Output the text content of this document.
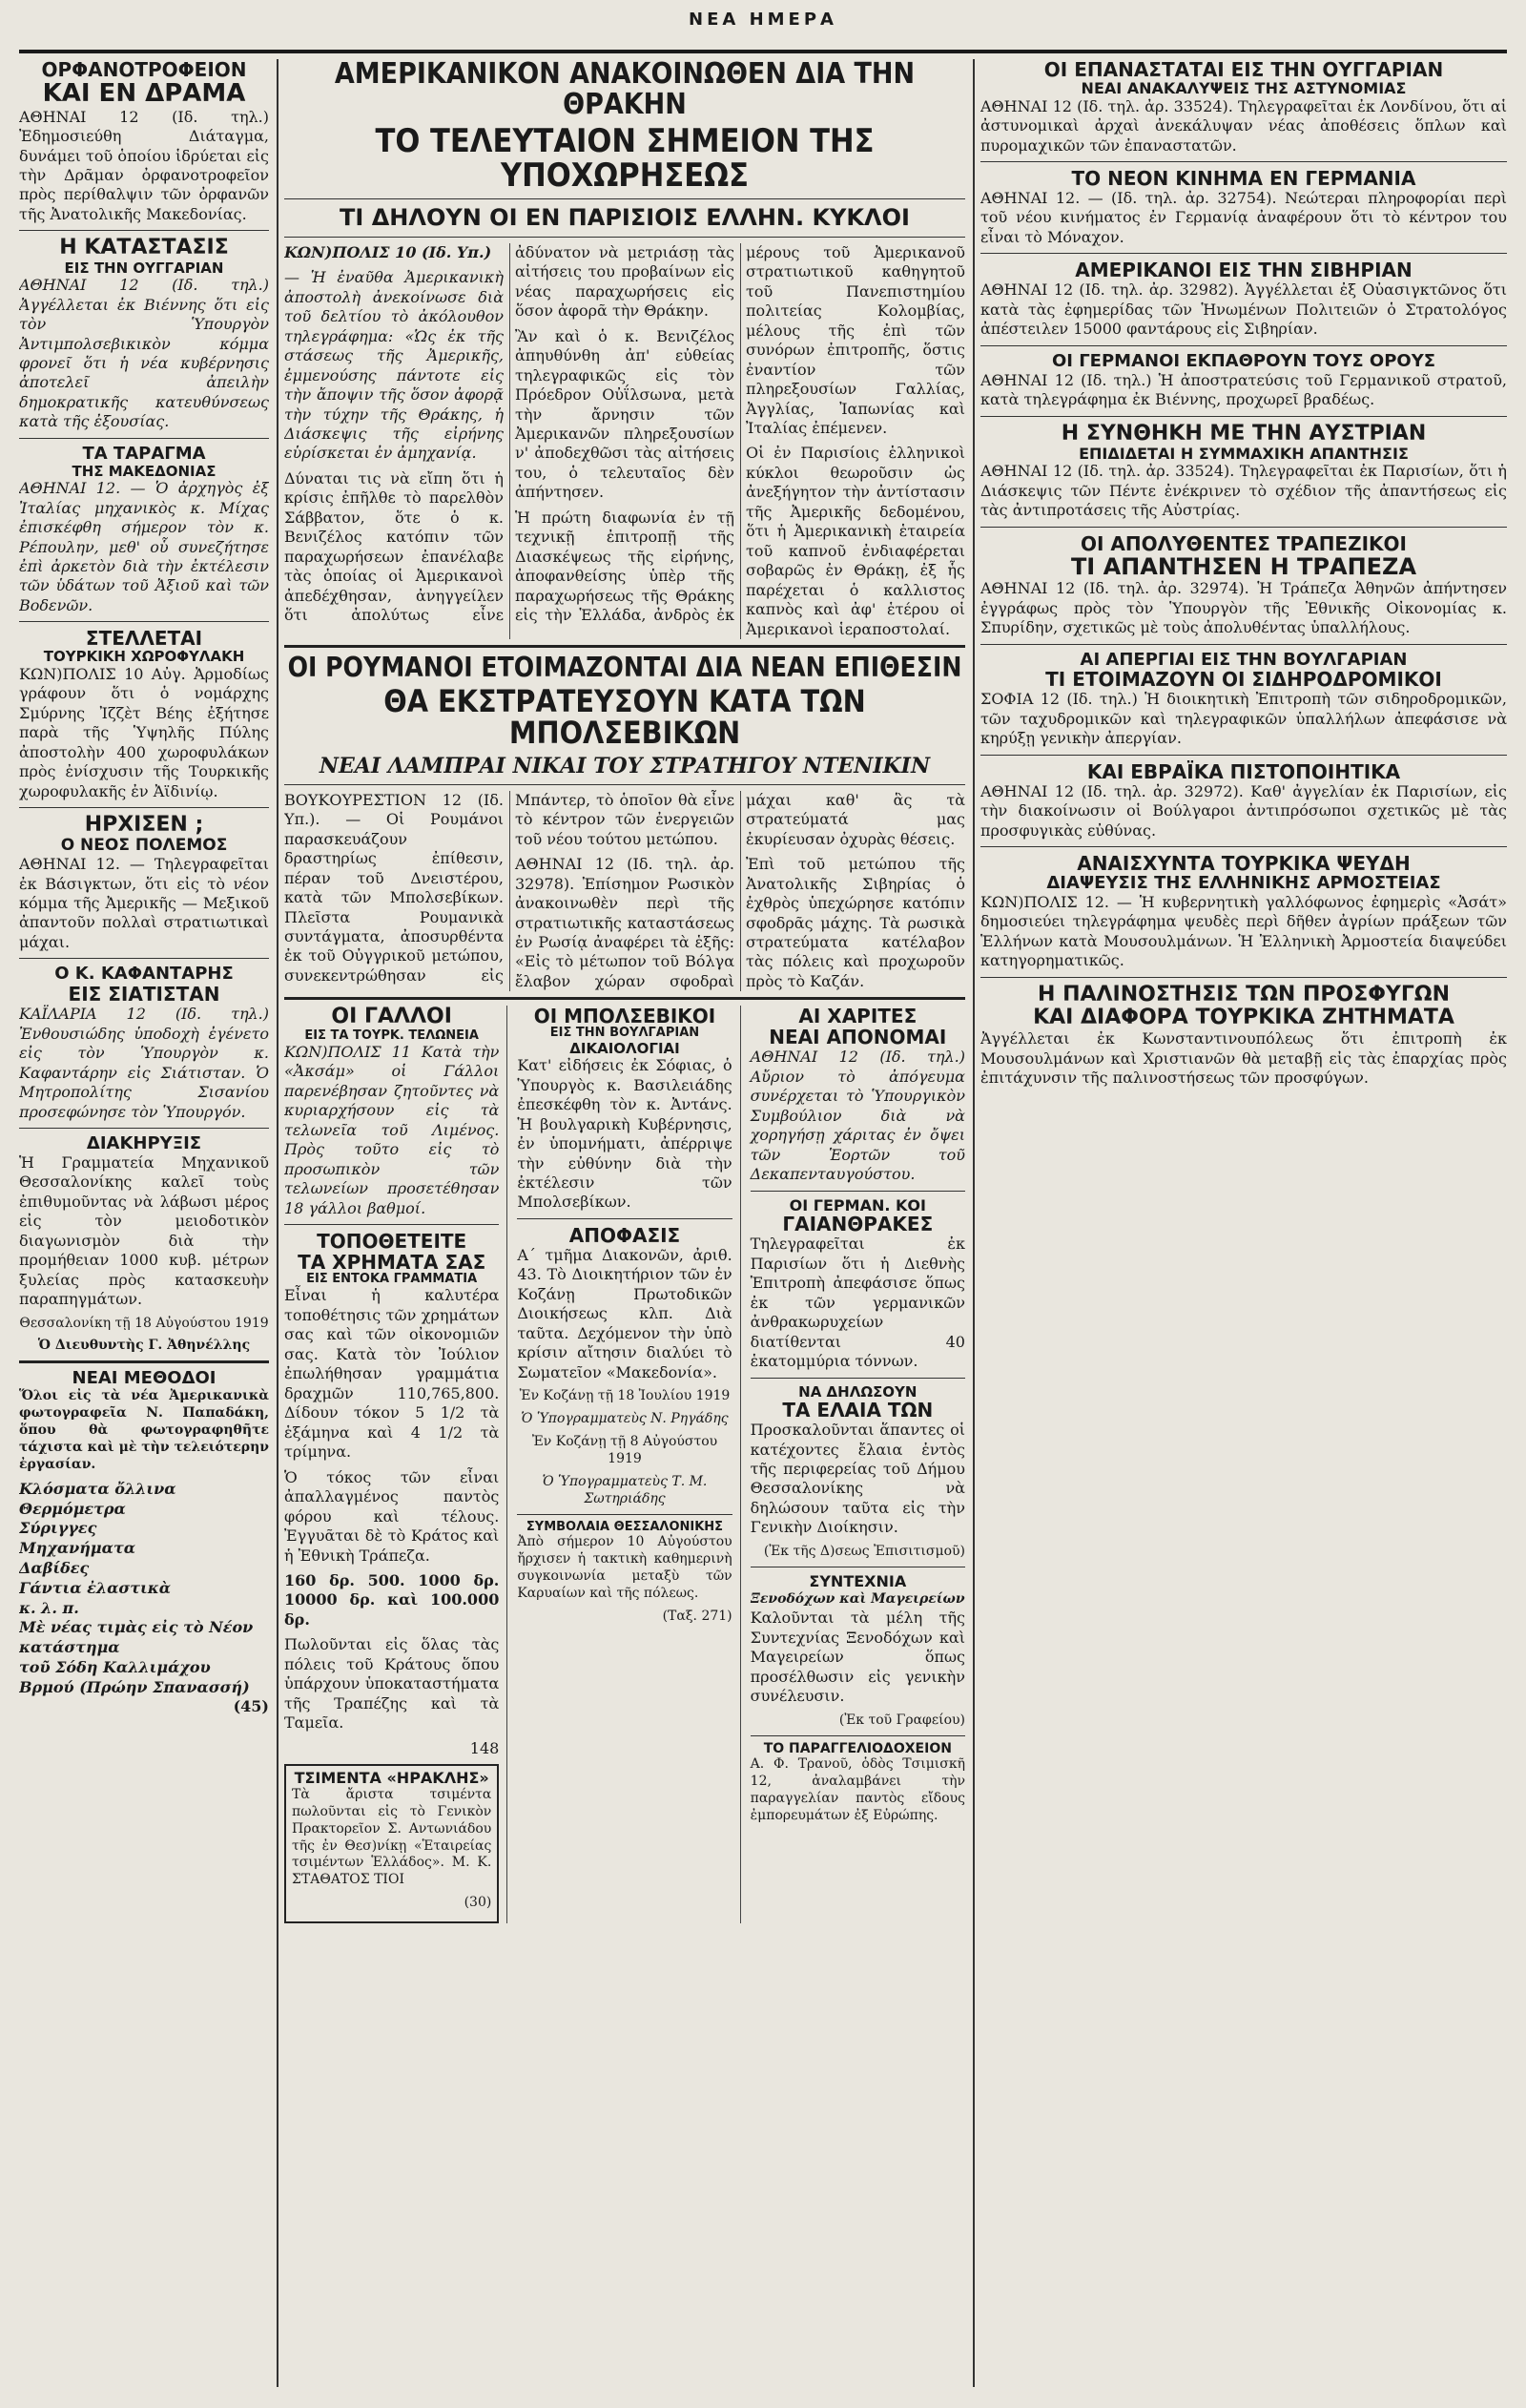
ΝΕΑ ΗΜΕΡΑ
ΟΡΦΑΝΟΤΡΟΦΕΙΟΝ
ΚΑΙ ΕΝ ΔΡΑΜΑ

ΑΘΗΝΑΙ 12 (Ιδ. τηλ.) Ἐδημοσιεύθη Διάταγμα, δυνάμει τοῦ ὁποίου ἱδρύεται εἰς τὴν Δρᾶμαν ὀρφανοτροφεῖον πρὸς περίθαλψιν τῶν ὀρφανῶν τῆς Ἀνατολικῆς Μακεδονίας.

Η ΚΑΤΑΣΤΑΣΙΣ
ΕΙΣ ΤΗΝ ΟΥΓΓΑΡΙΑΝ

ΑΘΗΝΑΙ 12 (Ιδ. τηλ.) Ἀγγέλλεται ἐκ Βιέννης ὅτι εἰς τὸν Ὑπουργὸν Ἀντιμπολσεβικικὸν κόμμα φρονεῖ ὅτι ἡ νέα κυβέρνησις ἀποτελεῖ ἀπειλὴν δημοκρατικῆς κατευθύνσεως κατὰ τῆς ἐξουσίας.

ΤΑ ΤΑΡΑΓΜΑ
ΤΗΣ ΜΑΚΕΔΟΝΙΑΣ

ΑΘΗΝΑΙ 12. — Ὁ ἀρχηγὸς ἐξ Ἰταλίας μηχανικὸς κ. Μίχας ἐπισκέφθη σήμερον τὸν κ. Ρέπουλην, μεθ' οὗ συνεζήτησε ἐπὶ ἀρκετὸν διὰ τὴν ἐκτέλεσιν τῶν ὑδάτων τοῦ Ἀξιοῦ καὶ τῶν Βοδενῶν.

ΣΤΕΛΛΕΤΑΙ
ΤΟΥΡΚΙΚΗ ΧΩΡΟΦΥΛΑΚΗ

ΚΩΝ)ΠΟΛΙΣ 10 Αὐγ. Ἀρμοδίως γράφουν ὅτι ὁ νομάρχης Σμύρνης Ἰζζὲτ Βέης ἐξήτησε παρὰ τῆς Ὑψηλῆς Πύλης ἀποστολὴν 400 χωροφυλάκων πρὸς ἐνίσχυσιν τῆς Τουρκικῆς χωροφυλακῆς ἐν Ἀϊδινίῳ.

ΗΡΧΙΣΕΝ ;
Ο ΝΕΟΣ ΠΟΛΕΜΟΣ

ΑΘΗΝΑΙ 12. — Τηλεγραφεῖται ἐκ Βάσιγκτων, ὅτι εἰς τὸ νέον κόμμα τῆς Ἀμερικῆς — Μεξικοῦ ἀπαντοῦν πολλαὶ στρατιωτικαὶ μάχαι.

Ο Κ. ΚΑΦΑΝΤΑΡΗΣ
ΕΙΣ ΣΙΑΤΙΣΤΑΝ

ΚΑΪΛΑΡΙΑ 12 (Ιδ. τηλ.) Ἐνθουσιώδης ὑποδοχὴ ἐγένετο εἰς τὸν Ὑπουργὸν κ. Καφαντάρην εἰς Σιάτισταν. Ὁ Μητροπολίτης Σισανίου προσεφώνησε τὸν Ὑπουργόν.

ΔΙΑΚΗΡΥΞΙΣ

Ἡ Γραμματεία Μηχανικοῦ Θεσσαλονίκης καλεῖ τοὺς ἐπιθυμοῦντας νὰ λάβωσι μέρος εἰς τὸν μειοδοτικὸν διαγωνισμὸν διὰ τὴν προμήθειαν 1000 κυβ. μέτρων ξυλείας πρὸς κατασκευὴν παραπηγμάτων.

Θεσσαλονίκη τῇ 18 Αὐγούστου 1919

Ὁ Διευθυντὴς Γ. Ἀθηνέλλης

ΝΕΑΙ ΜΕΘΟΔΟΙ

Ὅλοι εἰς τὰ νέα Ἀμερικανικὰ φωτογραφεῖα Ν. Παπαδάκη, ὅπου θὰ φωτογραφηθῆτε τάχιστα καὶ μὲ τὴν τελειότερην ἐργασίαν.

Κλόσματα ὄλλινα

Θερμόμετρα

Σύριγγες

Μηχανήματα

Δαβίδες

Γάντια ἐλαστικὰ

κ. λ. π.

Μὲ νέας τιμὰς εἰς τὸ Νέον κατάστημα

τοῦ Σόδη Καλλιμάχου

Βρμού (Πρώην Σπανασσή)

(45)

ΑΜΕΡΙΚΑΝΙΚΟΝ ΑΝΑΚΟΙΝΩΘΕΝ ΔΙΑ ΤΗΝ ΘΡΑΚΗΝ
ΤΟ ΤΕΛΕΥΤΑΙΟΝ ΣΗΜΕΙΟΝ ΤΗΣ ΥΠΟΧΩΡΗΣΕΩΣ
ΤΙ ΔΗΛΟΥΝ ΟΙ ΕΝ ΠΑΡΙΣΙΟΙΣ ΕΛΛΗΝ. ΚΥΚΛΟΙ

ΚΩΝ)ΠΟΛΙΣ 10 (Ιδ. Υπ.)

— Ἡ ἐναῦθα Ἀμερικανικὴ ἀποστολὴ ἀνεκοίνωσε διὰ τοῦ δελτίου τὸ ἀκόλουθον τηλεγράφημα: «Ὡς ἐκ τῆς στάσεως τῆς Ἀμερικῆς, ἐμμενούσης πάντοτε εἰς τὴν ἄποψιν τῆς ὅσον ἀφορᾷ τὴν τύχην τῆς Θράκης, ἡ Διάσκεψις τῆς εἰρήνης εὑρίσκεται ἐν ἀμηχανίᾳ.

Δύναται τις νὰ εἴπη ὅτι ἡ κρίσις ἐπῆλθε τὸ παρελθὸν Σάββατον, ὅτε ὁ κ. Βενιζέλος κατόπιν τῶν παραχωρήσεων ἐπανέλαβε τὰς ὁποίας οἱ Ἀμερικανοὶ ἀπεδέχθησαν, ἀνηγγείλεν ὅτι ἀπολύτως εἶνε ἀδύνατον νὰ μετριάσῃ τὰς αἰτήσεις του προβαίνων εἰς νέας παραχωρήσεις εἰς ὅσον ἀφορᾶ τὴν Θράκην.

Ἂν καὶ ὁ κ. Βενιζέλος ἀπηυθύνθη ἀπ' εὐθείας τηλεγραφικῶς εἰς τὸν Πρόεδρον Οὐΐλσωνα, μετὰ τὴν ἄρνησιν τῶν Ἀμερικανῶν πληρεξουσίων ν' ἀποδεχθῶσι τὰς αἰτήσεις του, ὁ τελευταῖος δὲν ἀπήντησεν.

Ἡ πρώτη διαφωνία ἐν τῇ τεχνικῇ ἐπιτροπῇ τῆς Διασκέψεως τῆς εἰρήνης, ἀποφανθείσης ὑπὲρ τῆς παραχωρήσεως τῆς Θράκης εἰς τὴν Ἑλλάδα, ἀνδρὸς ἐκ μέρους τοῦ Ἀμερικανοῦ στρατιωτικοῦ καθηγητοῦ τοῦ Πανεπιστημίου πολιτείας Κολομβίας, μέλους τῆς ἐπὶ τῶν συνόρων ἐπιτροπῆς, ὅστις ἐναντίον τῶν πληρεξουσίων Γαλλίας, Ἀγγλίας, Ἰαπωνίας καὶ Ἰταλίας ἐπέμενεν.

Οἱ ἐν Παρισίοις ἑλληνικοὶ κύκλοι θεωροῦσιν ὡς ἀνεξήγητον τὴν ἀντίστασιν τῆς Ἀμερικῆς δεδομένου, ὅτι ἡ Ἀμερικανικὴ ἑταιρεία τοῦ καπνοῦ ἐνδιαφέρεται σοβαρῶς ἐν Θράκῃ, ἐξ ἧς παρέχεται ὁ καλλιστος καπνὸς καὶ ἀφ' ἑτέρου οἱ Ἀμερικανοὶ ἱεραποστολαί.

ΟΙ ΡΟΥΜΑΝΟΙ ΕΤΟΙΜΑΖΟΝΤΑΙ ΔΙΑ ΝΕΑΝ ΕΠΙΘΕΣΙΝ
ΘΑ ΕΚΣΤΡΑΤΕΥΣΟΥΝ ΚΑΤΑ ΤΩΝ ΜΠΟΛΣΕΒΙΚΩΝ

ΝΕΑΙ ΛΑΜΠΡΑΙ ΝΙΚΑΙ ΤΟΥ ΣΤΡΑΤΗΓΟΥ ΝΤΕΝΙΚΙΝ

ΒΟΥΚΟΥΡΕΣΤΙΟΝ 12 (Ιδ. Υπ.). — Οἱ Ρουμάνοι παρασκευάζουν δραστηρίως ἐπίθεσιν, πέραν τοῦ Δνειστέρου, κατὰ τῶν Μπολσεβίκων. Πλεῖστα Ρουμανικὰ συντάγματα, ἀποσυρθέντα ἐκ τοῦ Οὐγγρικοῦ μετώπου, συνεκεντρώθησαν εἰς Μπάντερ, τὸ ὁποῖον θὰ εἶνε τὸ κέντρον τῶν ἐνεργειῶν τοῦ νέου τούτου μετώπου.

ΑΘΗΝΑΙ 12 (Ιδ. τηλ. ἀρ. 32978). Ἐπίσημον Ρωσικὸν ἀνακοινωθὲν περὶ τῆς στρατιωτικῆς καταστάσεως ἐν Ρωσίᾳ ἀναφέρει τὰ ἑξῆς: «Εἰς τὸ μέτωπον τοῦ Βόλγα ἔλαβον χώραν σφοδραὶ μάχαι καθ' ἃς τὰ στρατεύματά μας ἐκυρίευσαν ὀχυρὰς θέσεις.

Ἐπὶ τοῦ μετώπου τῆς Ἀνατολικῆς Σιβηρίας ὁ ἐχθρὸς ὑπεχώρησε κατόπιν σφοδρᾶς μάχης. Τὰ ρωσικὰ στρατεύματα κατέλαβον τὰς πόλεις καὶ προχωροῦν πρὸς τὸ Καζάν.

ΟΙ ΓΑΛΛΟΙ
ΕΙΣ ΤΑ ΤΟΥΡΚ. ΤΕΛΩΝΕΙΑ

ΚΩΝ)ΠΟΛΙΣ 11 Κατὰ τὴν «Ἀκσάμ» οἱ Γάλλοι παρενέβησαν ζητοῦντες νὰ κυριαρχήσουν εἰς τὰ τελωνεῖα τοῦ Λιμένος. Πρὸς τοῦτο εἰς τὸ προσωπικὸν τῶν τελωνείων προσετέθησαν 18 γάλλοι βαθμοί.

ΤΟΠΟΘΕΤΕΙΤΕ
ΤΑ ΧΡΗΜΑΤΑ ΣΑΣ
ΕΙΣ ΕΝΤΟΚΑ ΓΡΑΜΜΑΤΙΑ

Εἶναι ἡ καλυτέρα τοποθέτησις τῶν χρημάτων σας καὶ τῶν οἰκονομιῶν σας. Κατὰ τὸν Ἰούλιον ἐπωλήθησαν γραμμάτια δραχμῶν 110,765,800. Δίδουν τόκον 5 1/2 τὰ ἑξάμηνα καὶ 4 1/2 τὰ τρίμηνα.

Ὁ τόκος τῶν εἶναι ἀπαλλαγμένος παντὸς φόρου καὶ τέλους. Ἐγγυᾶται δὲ τὸ Κράτος καὶ ἡ Ἐθνικὴ Τράπεζα.

160 δρ. 500. 1000 δρ. 10000 δρ. καὶ 100.000 δρ.

Πωλοῦνται εἰς ὅλας τὰς πόλεις τοῦ Κράτους ὅπου ὑπάρχουν ὑποκαταστήματα τῆς Τραπέζης καὶ τὰ Ταμεῖα.

148

ΤΣΙΜΕΝΤΑ «ΗΡΑΚΛΗΣ»

Τὰ ἄριστα τσιμέντα πωλοῦνται εἰς τὸ Γενικὸν Πρακτορεῖον Σ. Αντωνιάδου τῆς ἐν Θεσ)νίκῃ «Ἑταιρείας τσιμέντων Ἑλλάδος». Μ. Κ. ΣΤΑΘΑΤΟΣ ΤΙΟΙ

(30)

ΟΙ ΜΠΟΛΣΕΒΙΚΟΙ
ΕΙΣ ΤΗΝ ΒΟΥΛΓΑΡΙΑΝ
ΔΙΚΑΙΟΛΟΓΙΑΙ

Κατ' εἰδήσεις ἐκ Σόφιας, ὁ Ὑπουργὸς κ. Βασιλειάδης ἐπεσκέφθη τὸν κ. Ἀντάνς. Ἡ βουλγαρικὴ Κυβέρνησις, ἐν ὑπομνήματι, ἀπέρριψε τὴν εὐθύνην διὰ τὴν ἐκτέλεσιν τῶν Μπολσεβίκων.

ΑΠΟΦΑΣΙΣ

Α΄ τμῆμα Διακονῶν, ἀριθ. 43. Τὸ Διοικητήριον τῶν ἐν Κοζάνῃ Πρωτοδικῶν Διοικήσεως κλπ. Διὰ ταῦτα. Δεχόμενον τὴν ὑπὸ κρίσιν αἴτησιν διαλύει τὸ Σωματεῖον «Μακεδονία».

Ἐν Κοζάνῃ τῇ 18 Ἰουλίου 1919

Ὁ Ὑπογραμματεὺς Ν. Ρηγάδης

Ἐν Κοζάνῃ τῇ 8 Αὐγούστου 1919

Ὁ Ὑπογραμματεὺς Τ. Μ. Σωτηριάδης

ΣΥΜΒΟΛΑΙΑ ΘΕΣΣΑΛΟΝΙΚΗΣ

Ἀπὸ σήμερον 10 Αὐγούστου ἤρχισεν ἡ τακτικὴ καθημερινὴ συγκοινωνία μεταξὺ τῶν Καρυαίων καὶ τῆς πόλεως.

(Ταξ. 271)

ΑΙ ΧΑΡΙΤΕΣ
ΝΕΑΙ ΑΠΟΝΟΜΑΙ

ΑΘΗΝΑΙ 12 (Ιδ. τηλ.) Αὔριον τὸ ἀπόγευμα συνέρχεται τὸ Ὑπουργικὸν Συμβούλιον διὰ νὰ χορηγήσῃ χάριτας ἐν ὄψει τῶν Ἑορτῶν τοῦ Δεκαπενταυγούστου.

ΟΙ ΓΕΡΜΑΝ. ΚΟΙ
ΓΑΙΑΝΘΡΑΚΕΣ

Τηλεγραφεῖται ἐκ Παρισίων ὅτι ἡ Διεθνὴς Ἐπιτροπὴ ἀπεφάσισε ὅπως ἐκ τῶν γερμανικῶν ἀνθρακωρυχείων διατίθενται 40 ἑκατομμύρια τόννων.

ΝΑ ΔΗΛΩΣΟΥΝ
ΤΑ ΕΛΑΙΑ ΤΩΝ

Προσκαλοῦνται ἅπαντες οἱ κατέχοντες ἔλαια ἐντὸς τῆς περιφερείας τοῦ Δήμου Θεσσαλονίκης νὰ δηλώσουν ταῦτα εἰς τὴν Γενικὴν Διοίκησιν.

(Ἐκ τῆς Δ)σεως Ἐπισιτισμοῦ)

ΣΥΝΤΕΧΝΙΑ

Ξενοδόχων καὶ Μαγειρείων

Καλοῦνται τὰ μέλη τῆς Συντεχνίας Ξενοδόχων καὶ Μαγειρείων ὅπως προσέλθωσιν εἰς γενικὴν συνέλευσιν.

(Ἐκ τοῦ Γραφείου)

ΤΟ ΠΑΡΑΓΓΕΛΙΟΔΟΧΕΙΟΝ

Α. Φ. Τρανοῦ, ὁδὸς Τσιμισκῆ 12, ἀναλαμβάνει τὴν παραγγελίαν παντὸς εἴδους ἐμπορευμάτων ἐξ Εὐρώπης.

ΟΙ ΕΠΑΝΑΣΤΑΤΑΙ ΕΙΣ ΤΗΝ ΟΥΓΓΑΡΙΑΝ
ΝΕΑΙ ΑΝΑΚΑΛΥΨΕΙΣ ΤΗΣ ΑΣΤΥΝΟΜΙΑΣ

ΑΘΗΝΑΙ 12 (Ιδ. τηλ. ἀρ. 33524). Τηλεγραφεῖται ἐκ Λονδίνου, ὅτι αἱ ἀστυνομικαὶ ἀρχαὶ ἀνεκάλυψαν νέας ἀποθέσεις ὅπλων καὶ πυρομαχικῶν τῶν ἐπαναστατῶν.

ΤΟ ΝΕΟΝ ΚΙΝΗΜΑ ΕΝ ΓΕΡΜΑΝΙΑ

ΑΘΗΝΑΙ 12. — (Ιδ. τηλ. ἀρ. 32754). Νεώτεραι πληροφορίαι περὶ τοῦ νέου κινήματος ἐν Γερμανίᾳ ἀναφέρουν ὅτι τὸ κέντρον του εἶναι τὸ Μόναχον.

ΑΜΕΡΙΚΑΝΟΙ ΕΙΣ ΤΗΝ ΣΙΒΗΡΙΑΝ

ΑΘΗΝΑΙ 12 (Ιδ. τηλ. ἀρ. 32982). Ἀγγέλλεται ἐξ Οὐασιγκτῶνος ὅτι κατὰ τὰς ἐφημερίδας τῶν Ἡνωμένων Πολιτειῶν ὁ Στρατολόγος ἀπέστειλεν 15000 φαντάρους εἰς Σιβηρίαν.

ΟΙ ΓΕΡΜΑΝΟΙ ΕΚΠΑΘΡΟΥΝ ΤΟΥΣ ΟΡΟΥΣ

ΑΘΗΝΑΙ 12 (Ιδ. τηλ.) Ἡ ἀποστρατεύσις τοῦ Γερμανικοῦ στρατοῦ, κατὰ τηλεγράφημα ἐκ Βιέννης, προχωρεῖ βραδέως.

Η ΣΥΝΘΗΚΗ ΜΕ ΤΗΝ ΑΥΣΤΡΙΑΝ
ΕΠΙΔΙΔΕΤΑΙ Η ΣΥΜΜΑΧΙΚΗ ΑΠΑΝΤΗΣΙΣ

ΑΘΗΝΑΙ 12 (Ιδ. τηλ. ἀρ. 33524). Τηλεγραφεῖται ἐκ Παρισίων, ὅτι ἡ Διάσκεψις τῶν Πέντε ἐνέκρινεν τὸ σχέδιον τῆς ἀπαντήσεως εἰς τὰς ἀντιπροτάσεις τῆς Αὐστρίας.

ΟΙ ΑΠΟΛΥΘΕΝΤΕΣ ΤΡΑΠΕΖΙΚΟΙ
ΤΙ ΑΠΑΝΤΗΣΕΝ Η ΤΡΑΠΕΖΑ

ΑΘΗΝΑΙ 12 (Ιδ. τηλ. ἀρ. 32974). Ἡ Τράπεζα Ἀθηνῶν ἀπήντησεν ἐγγράφως πρὸς τὸν Ὑπουργὸν τῆς Ἐθνικῆς Οἰκονομίας κ. Σπυρίδην, σχετικῶς μὲ τοὺς ἀπολυθέντας ὑπαλλήλους.

ΑΙ ΑΠΕΡΓΙΑΙ ΕΙΣ ΤΗΝ ΒΟΥΛΓΑΡΙΑΝ
ΤΙ ΕΤΟΙΜΑΖΟΥΝ ΟΙ ΣΙΔΗΡΟΔΡΟΜΙΚΟΙ

ΣΟΦΙΑ 12 (Ιδ. τηλ.) Ἡ διοικητικὴ Ἐπιτροπὴ τῶν σιδηροδρομικῶν, τῶν ταχυδρομικῶν καὶ τηλεγραφικῶν ὑπαλλήλων ἀπεφάσισε νὰ κηρύξῃ γενικὴν ἀπεργίαν.

ΚΑΙ ΕΒΡΑΪΚΑ ΠΙΣΤΟΠΟΙΗΤΙΚΑ

ΑΘΗΝΑΙ 12 (Ιδ. τηλ. ἀρ. 32972). Καθ' ἀγγελίαν ἐκ Παρισίων, εἰς τὴν διακοίνωσιν οἱ Βούλγαροι ἀντιπρόσωποι σχετικῶς μὲ τὰς προσφυγικὰς εὐθύνας.

ΑΝΑΙΣΧΥΝΤΑ ΤΟΥΡΚΙΚΑ ΨΕΥΔΗ
ΔΙΑΨΕΥΣΙΣ ΤΗΣ ΕΛΛΗΝΙΚΗΣ ΑΡΜΟΣΤΕΙΑΣ

ΚΩΝ)ΠΟΛΙΣ 12. — Ἡ κυβερνητικὴ γαλλόφωνος ἐφημερὶς «Ἀσάτ» δημοσιεύει τηλεγράφημα ψευδὲς περὶ δῆθεν ἀγρίων πράξεων τῶν Ἑλλήνων κατὰ Μουσουλμάνων. Ἡ Ἑλληνικὴ Ἀρμοστεία διαψεύδει κατηγορηματικῶς.

Η ΠΑΛΙΝΟΣΤΗΣΙΣ ΤΩΝ ΠΡΟΣΦΥΓΩΝ
ΚΑΙ ΔΙΑΦΟΡΑ ΤΟΥΡΚΙΚΑ ΖΗΤΗΜΑΤΑ

Ἀγγέλλεται ἐκ Κωνσταντινουπόλεως ὅτι ἐπιτροπὴ ἐκ Μουσουλμάνων καὶ Χριστιανῶν θὰ μεταβῇ εἰς τὰς ἐπαρχίας πρὸς ἐπιτάχυνσιν τῆς παλινοστήσεως τῶν προσφύγων.
